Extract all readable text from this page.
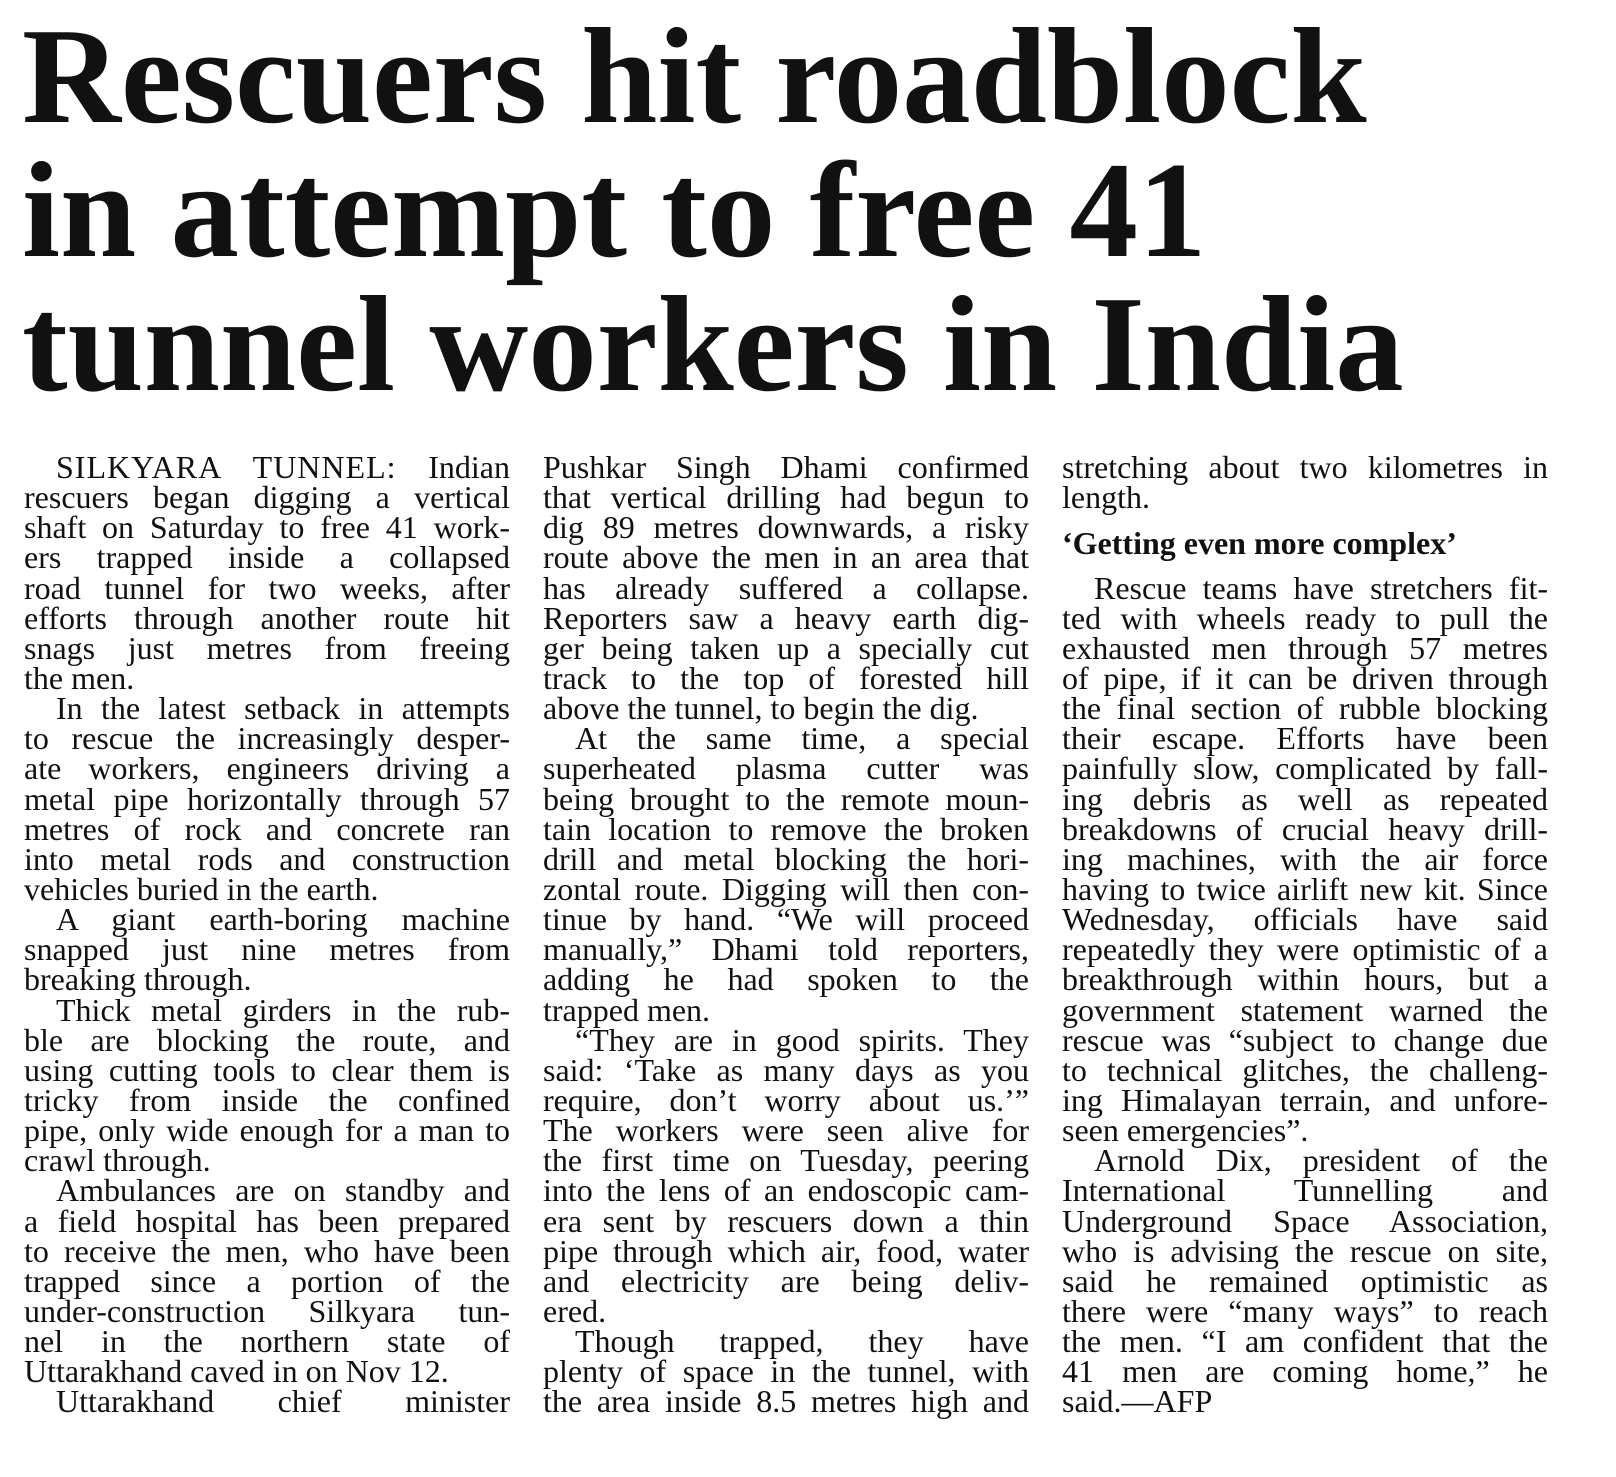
Rescuers hit roadblock
in attempt to free 41
tunnel workers in India
SILKYARA TUNNEL: Indian
rescuers began digging a vertical
shaft on Saturday to free 41 work-
ers trapped inside a collapsed
road tunnel for two weeks, after
efforts through another route hit
snags just metres from freeing
the men.
In the latest setback in attempts
to rescue the increasingly desper-
ate workers, engineers driving a
metal pipe horizontally through 57
metres of rock and concrete ran
into metal rods and construction
vehicles buried in the earth.
A giant earth-boring machine
snapped just nine metres from
breaking through.
Thick metal girders in the rub-
ble are blocking the route, and
using cutting tools to clear them is
tricky from inside the confined
pipe, only wide enough for a man to
crawl through.
Ambulances are on standby and
a field hospital has been prepared
to receive the men, who have been
trapped since a portion of the
under-construction Silkyara tun-
nel in the northern state of
Uttarakhand caved in on Nov 12.
Uttarakhand chief minister
Pushkar Singh Dhami confirmed
that vertical drilling had begun to
dig 89 metres downwards, a risky
route above the men in an area that
has already suffered a collapse.
Reporters saw a heavy earth dig-
ger being taken up a specially cut
track to the top of forested hill
above the tunnel, to begin the dig.
At the same time, a special
superheated plasma cutter was
being brought to the remote moun-
tain location to remove the broken
drill and metal blocking the hori-
zontal route. Digging will then con-
tinue by hand. “We will proceed
manually,” Dhami told reporters,
adding he had spoken to the
trapped men.
“They are in good spirits. They
said: ‘Take as many days as you
require, don’t worry about us.’”
The workers were seen alive for
the first time on Tuesday, peering
into the lens of an endoscopic cam-
era sent by rescuers down a thin
pipe through which air, food, water
and electricity are being deliv-
ered.
Though trapped, they have
plenty of space in the tunnel, with
the area inside 8.5 metres high and
stretching about two kilometres in
length.
‘Getting even more complex’
Rescue teams have stretchers fit-
ted with wheels ready to pull the
exhausted men through 57 metres
of pipe, if it can be driven through
the final section of rubble blocking
their escape. Efforts have been
painfully slow, complicated by fall-
ing debris as well as repeated
breakdowns of crucial heavy drill-
ing machines, with the air force
having to twice airlift new kit. Since
Wednesday, officials have said
repeatedly they were optimistic of a
breakthrough within hours, but a
government statement warned the
rescue was “subject to change due
to technical glitches, the challeng-
ing Himalayan terrain, and unfore-
seen emergencies”.
Arnold Dix, president of the
International Tunnelling and
Underground Space Association,
who is advising the rescue on site,
said he remained optimistic as
there were “many ways” to reach
the men. “I am confident that the
41 men are coming home,” he
said.—AFP
